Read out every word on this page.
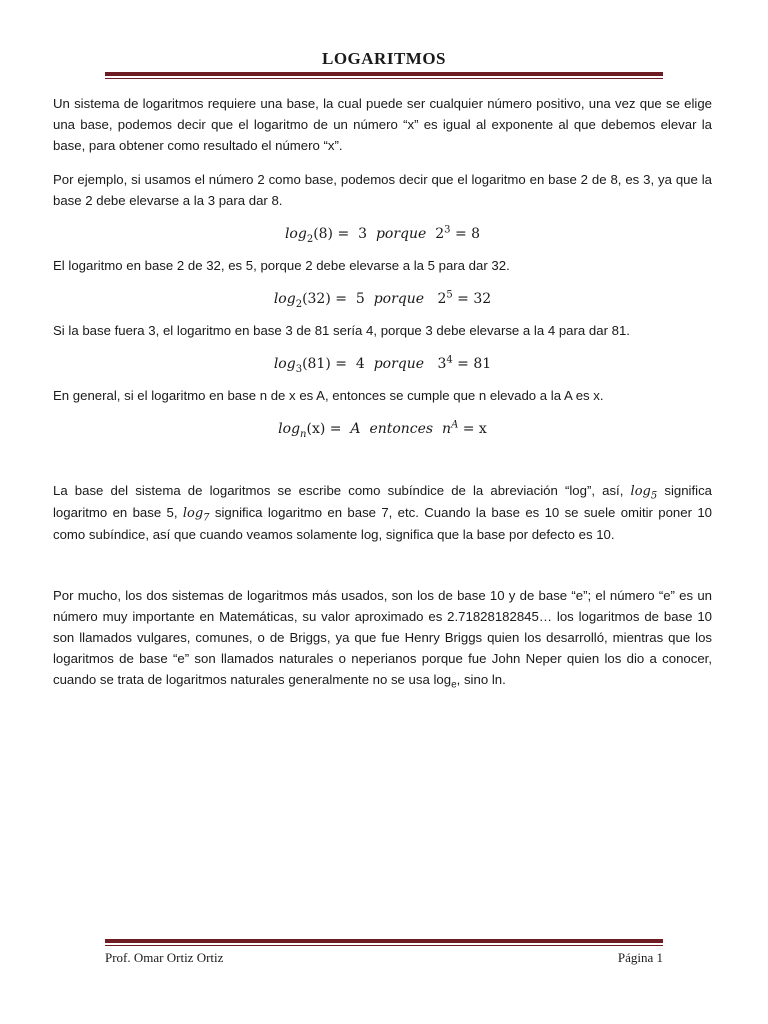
LOGARITMOS

Un sistema de logaritmos requiere una base, la cual puede ser cualquier número positivo, una vez que se elige una base, podemos decir que el logaritmo de un número “x” es igual al exponente al que debemos elevar la base, para obtener como resultado el número “x”.

Por ejemplo, si usamos el número 2 como base, podemos decir que el logaritmo en base 2 de 8, es 3, ya que la base 2 debe elevarse a la 3 para dar 8.

$\log_2(8) = 3$ porque $2^3 = 8$

El logaritmo en base 2 de 32, es 5, porque 2 debe elevarse a la 5 para dar 32.

$\log_2(32) = 5$ porque $2^5 = 32$

Si la base fuera 3, el logaritmo en base 3 de 81 sería 4, porque 3 debe elevarse a la 4 para dar 81.

$\log_3(81) = 4$ porque $3^4 = 81$

En general, si el logaritmo en base n de x es A, entonces se cumple que n elevado a la A es x.

$\log_n(x) = A$ entonces $n^A = x$

La base del sistema de logaritmos se escribe como subíndice de la abreviación “log”, así, $\log_5$ significa logaritmo en base 5, $\log_7$ significa logaritmo en base 7, etc. Cuando la base es 10 se suele omitir poner 10 como subíndice, así que cuando veamos solamente log, significa que la base por defecto es 10.

Por mucho, los dos sistemas de logaritmos más usados, son los de base 10 y de base “e”; el número “e” es un número muy importante en Matemáticas, su valor aproximado es 2.71828182845… los logaritmos de base 10 son llamados vulgares, comunes, o de Briggs, ya que fue Henry Briggs quien los desarrolló, mientras que los logaritmos de base “e” son llamados naturales o neperianos porque fue John Neper quien los dio a conocer, cuando se trata de logaritmos naturales generalmente no se usa $\log_e$, sino ln.

Prof. Omar Ortiz Ortiz	Página 1
